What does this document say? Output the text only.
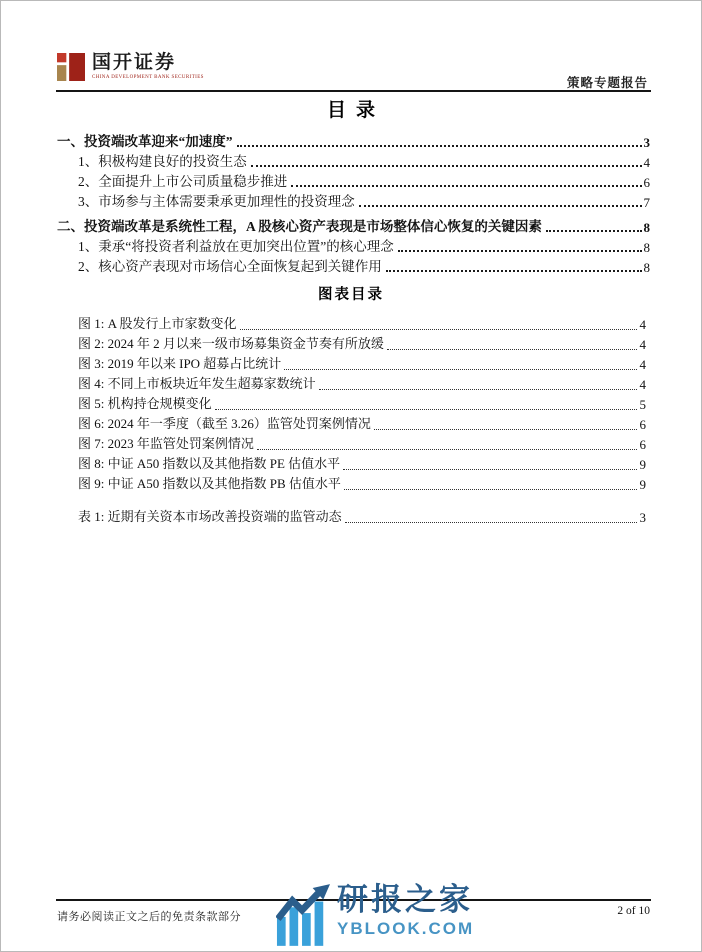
国开证券
CHINA DEVELOPMENT BANK SECURITIES	策略专题报告
目录
一、投资端改革迎来“加速度”	3
1、积极构建良好的投资生态	4
2、全面提升上市公司质量稳步推进	6
3、市场参与主体需要秉承更加理性的投资理念	7
二、投资端改革是系统性工程，A 股核心资产表现是市场整体信心恢复的关键因素	8
1、秉承“将投资者利益放在更加突出位置”的核心理念	8
2、核心资产表现对市场信心全面恢复起到关键作用	8
图表目录
图 1: A 股发行上市家数变化	4
图 2: 2024 年 2 月以来一级市场募集资金节奏有所放缓	4
图 3: 2019 年以来 IPO 超募占比统计	4
图 4: 不同上市板块近年发生超募家数统计	4
图 5: 机构持仓规模变化	5
图 6: 2024 年一季度（截至 3.26）监管处罚案例情况	6
图 7: 2023 年监管处罚案例情况	6
图 8: 中证 A50 指数以及其他指数 PE 估值水平	9
图 9: 中证 A50 指数以及其他指数 PB 估值水平	9
表 1: 近期有关资本市场改善投资端的监管动态	3
请务必阅读正文之后的免责条款部分	2 of 10
研报之家
YBLOOK.COM
